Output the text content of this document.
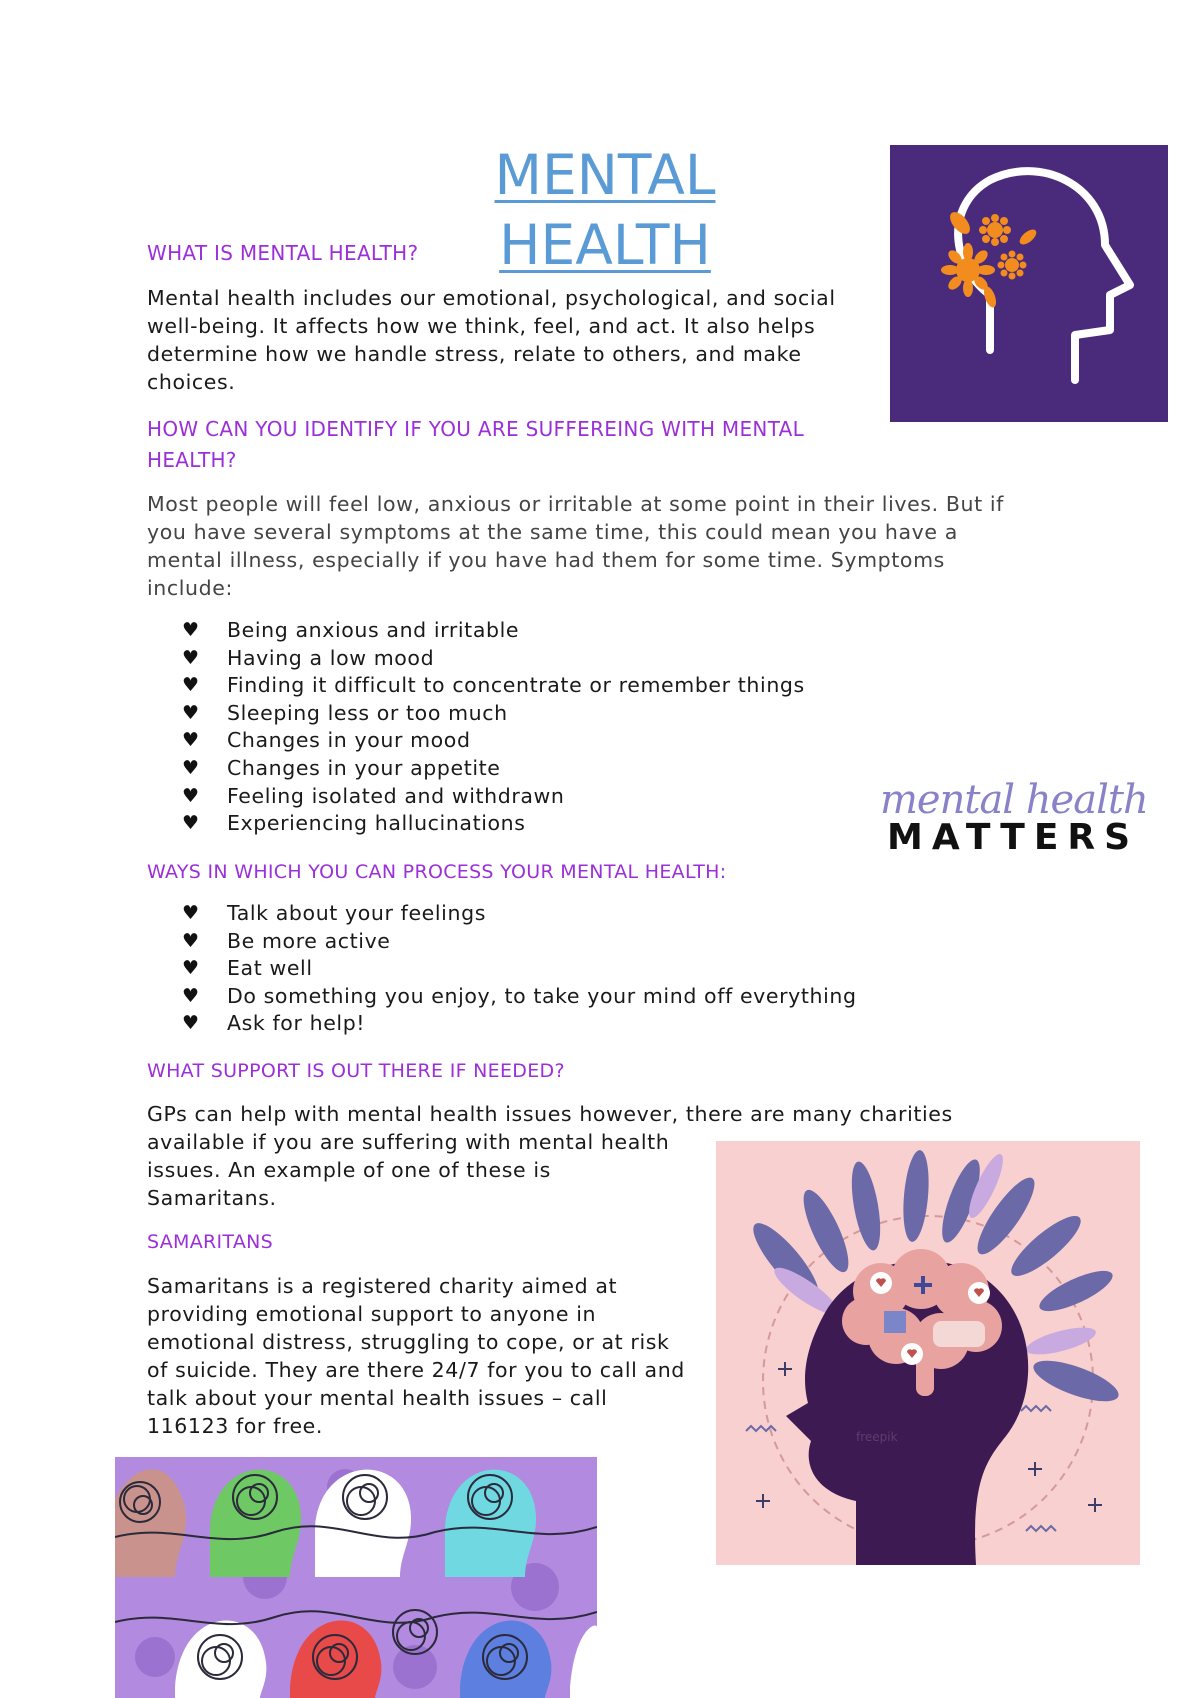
MENTAL
HEALTH
WHAT IS MENTAL HEALTH?

Mental health includes our emotional, psychological, and social well-being. It affects how we think, feel, and act. It also helps determine how we handle stress, relate to others, and make choices.

HOW CAN YOU IDENTIFY IF YOU ARE SUFFEREING WITH MENTAL HEALTH?

Most people will feel low, anxious or irritable at some point in their lives. But if you have several symptoms at the same time, this could mean you have a mental illness, especially if you have had them for some time. Symptoms include:

♥ Being anxious and irritable
♥ Having a low mood
♥ Finding it difficult to concentrate or remember things
♥ Sleeping less or too much
♥ Changes in your mood
♥ Changes in your appetite
♥ Feeling isolated and withdrawn
♥ Experiencing hallucinations
mental health
MATTERS
WAYS IN WHICH YOU CAN PROCESS YOUR MENTAL HEALTH:
♥ Talk about your feelings
♥ Be more active
♥ Eat well
♥ Do something you enjoy, to take your mind off everything
♥ Ask for help!
WHAT SUPPORT IS OUT THERE IF NEEDED?

GPs can help with mental health issues however, there are many charities

available if you are suffering with mental health

issues. An example of one of these is

Samaritans.

SAMARITANS

Samaritans is a registered charity aimed at

providing emotional support to anyone in

emotional distress, struggling to cope, or at risk

of suicide. They are there 24/7 for you to call and

talk about your mental health issues – call

116123 for free.	freepik
